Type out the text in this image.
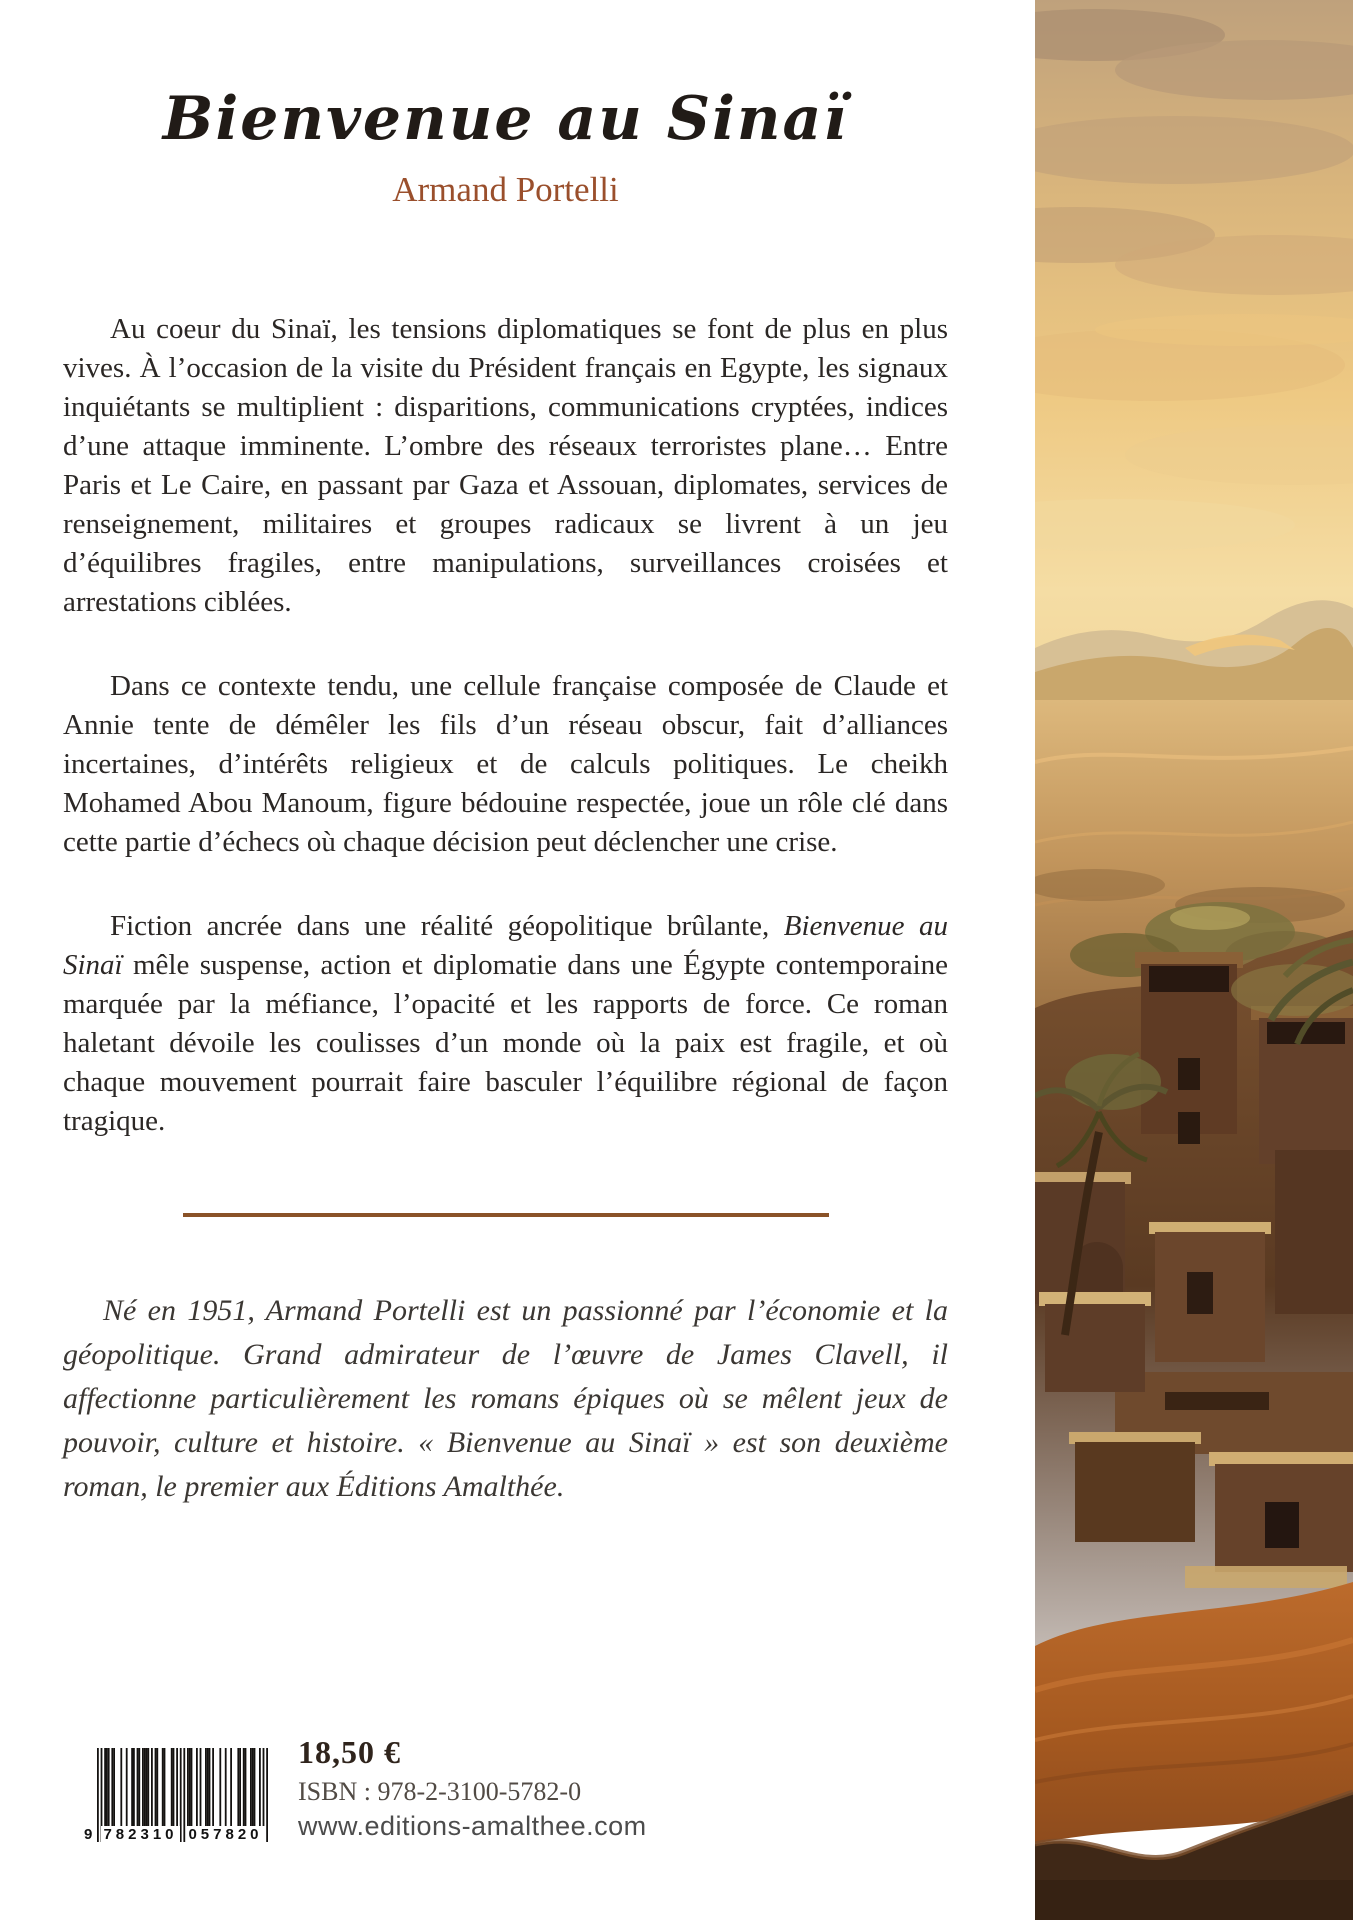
Bienvenue au Sinaï
Armand Portelli

Au coeur du Sinaï, les tensions diplomatiques se font de plus en plus vives. À l’occasion de la visite du Président français en Egypte, les signaux inquiétants se multiplient : disparitions, communications cryptées, indices d’une attaque imminente. L’ombre des réseaux terroristes plane… Entre Paris et Le Caire, en passant par Gaza et Assouan, diplomates, services de renseignement, militaires et groupes radicaux se livrent à un jeu d’équilibres fragiles, entre manipulations, surveillances croisées et arrestations ciblées.

Dans ce contexte tendu, une cellule française composée de Claude et Annie tente de démêler les fils d’un réseau obscur, fait d’alliances incertaines, d’intérêts religieux et de calculs politiques. Le cheikh Mohamed Abou Manoum, figure bédouine respectée, joue un rôle clé dans cette partie d’échecs où chaque décision peut déclencher une crise.

Fiction ancrée dans une réalité géopolitique brûlante, Bienvenue au Sinaï mêle suspense, action et diplomatie dans une Égypte contemporaine marquée par la méfiance, l’opacité et les rapports de force. Ce roman haletant dévoile les coulisses d’un monde où la paix est fragile, et où chaque mouvement pourrait faire basculer l’équilibre régional de façon tragique.

Né en 1951, Armand Portelli est un passionné par l’économie et la géopolitique. Grand admirateur de l’œuvre de James Clavell, il affectionne particulièrement les romans épiques où se mêlent jeux de pouvoir, culture et histoire. « Bienvenue au Sinaï » est son deuxième roman, le premier aux Éditions Amalthée.

9 782310 057820
18,50 €
ISBN : 978-2-3100-5782-0
www.editions-amalthee.com
